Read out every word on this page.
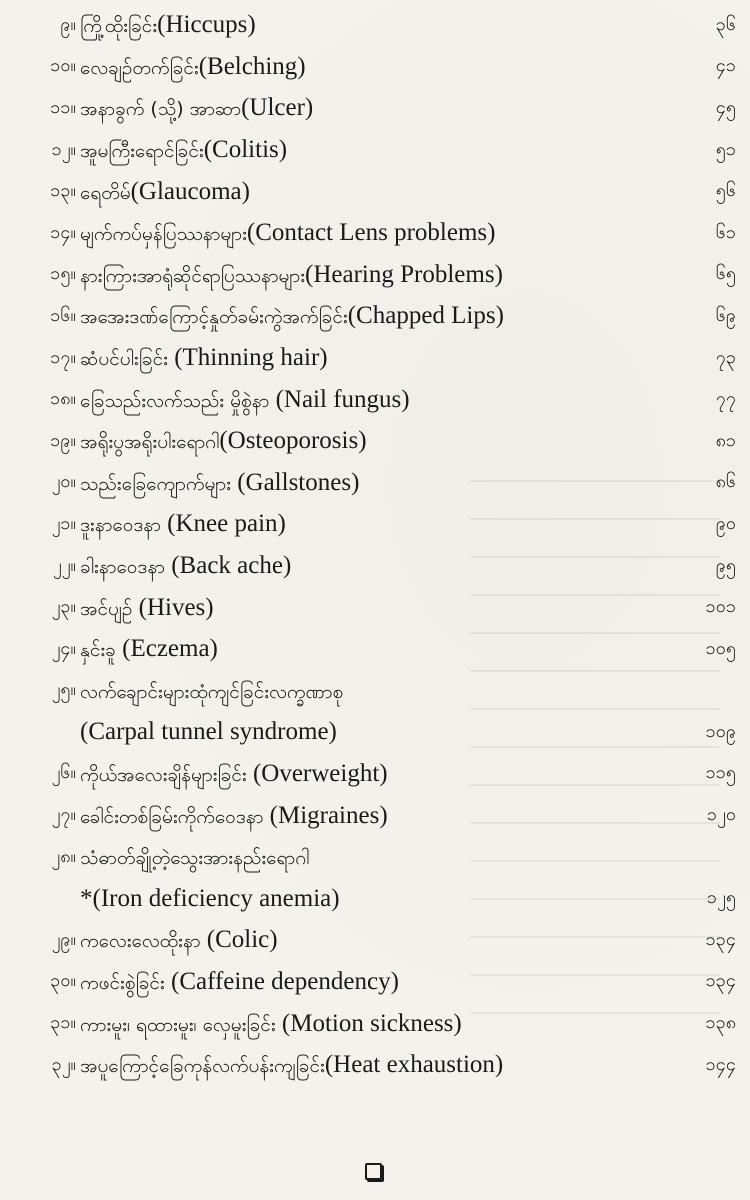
၉။ ကြို့ထိုးခြင်း(Hiccups)	၃၆
၁၀။ လေချဉ်တက်ခြင်း(Belching)	၄၁
၁၁။ အနာခွက် (သို့) အာဆာ(Ulcer)	၄၅
၁၂။ အူမကြီးရောင်ခြင်း(Colitis)	၅၁
၁၃။ ရေတိမ်(Glaucoma)	၅၆
၁၄။ မျက်ကပ်မှန်ပြဿနာများ(Contact Lens problems)	၆၁
၁၅။ နားကြားအာရုံဆိုင်ရာပြဿနာများ(Hearing Problems)	၆၅
၁၆။ အအေးဒဏ်ကြောင့်နှုတ်ခမ်းကွဲအက်ခြင်း(Chapped Lips)	၆၉
၁၇။ ဆံပင်ပါးခြင်း (Thinning hair)	၇၃
၁၈။ ခြေသည်းလက်သည်း မှိုစွဲနာ (Nail fungus)	၇၇
၁၉။ အရိုးပွအရိုးပါးရောဂါ(Osteoporosis)	၈၁
၂၀။ သည်းခြေကျောက်များ (Gallstones)	၈၆
၂၁။ ဒူးနာဝေဒနာ (Knee pain)	၉၀
၂၂။ ခါးနာဝေဒနာ (Back ache)	၉၅
၂၃။ အင်ပျဉ် (Hives)	၁၀၁
၂၄။ နှင်းခူ (Eczema)	၁၀၅
၂၅။ လက်ချောင်းများထုံကျင်ခြင်းလက္ခဏာစု
(Carpal tunnel syndrome)	၁၀၉
၂၆။ ကိုယ်အလေးချိန်များခြင်း (Overweight)	၁၁၅
၂၇။ ခေါင်းတစ်ခြမ်းကိုက်ဝေဒနာ (Migraines)	၁၂၀
၂၈။ သံဓာတ်ချို့တဲ့သွေးအားနည်းရောဂါ
*(Iron deficiency anemia)	၁၂၅
၂၉။ ကလေးလေထိုးနာ (Colic)	၁၃၄
၃၀။ ကဖင်းစွဲခြင်း (Caffeine dependency)	၁၃၄
၃၁။ ကားမူး၊ ရထားမူး၊ လှေမူးခြင်း (Motion sickness)	၁၃၈
၃၂။ အပူကြောင့်ခြေကုန်လက်ပန်းကျခြင်း(Heat exhaustion)	၁၄၄
